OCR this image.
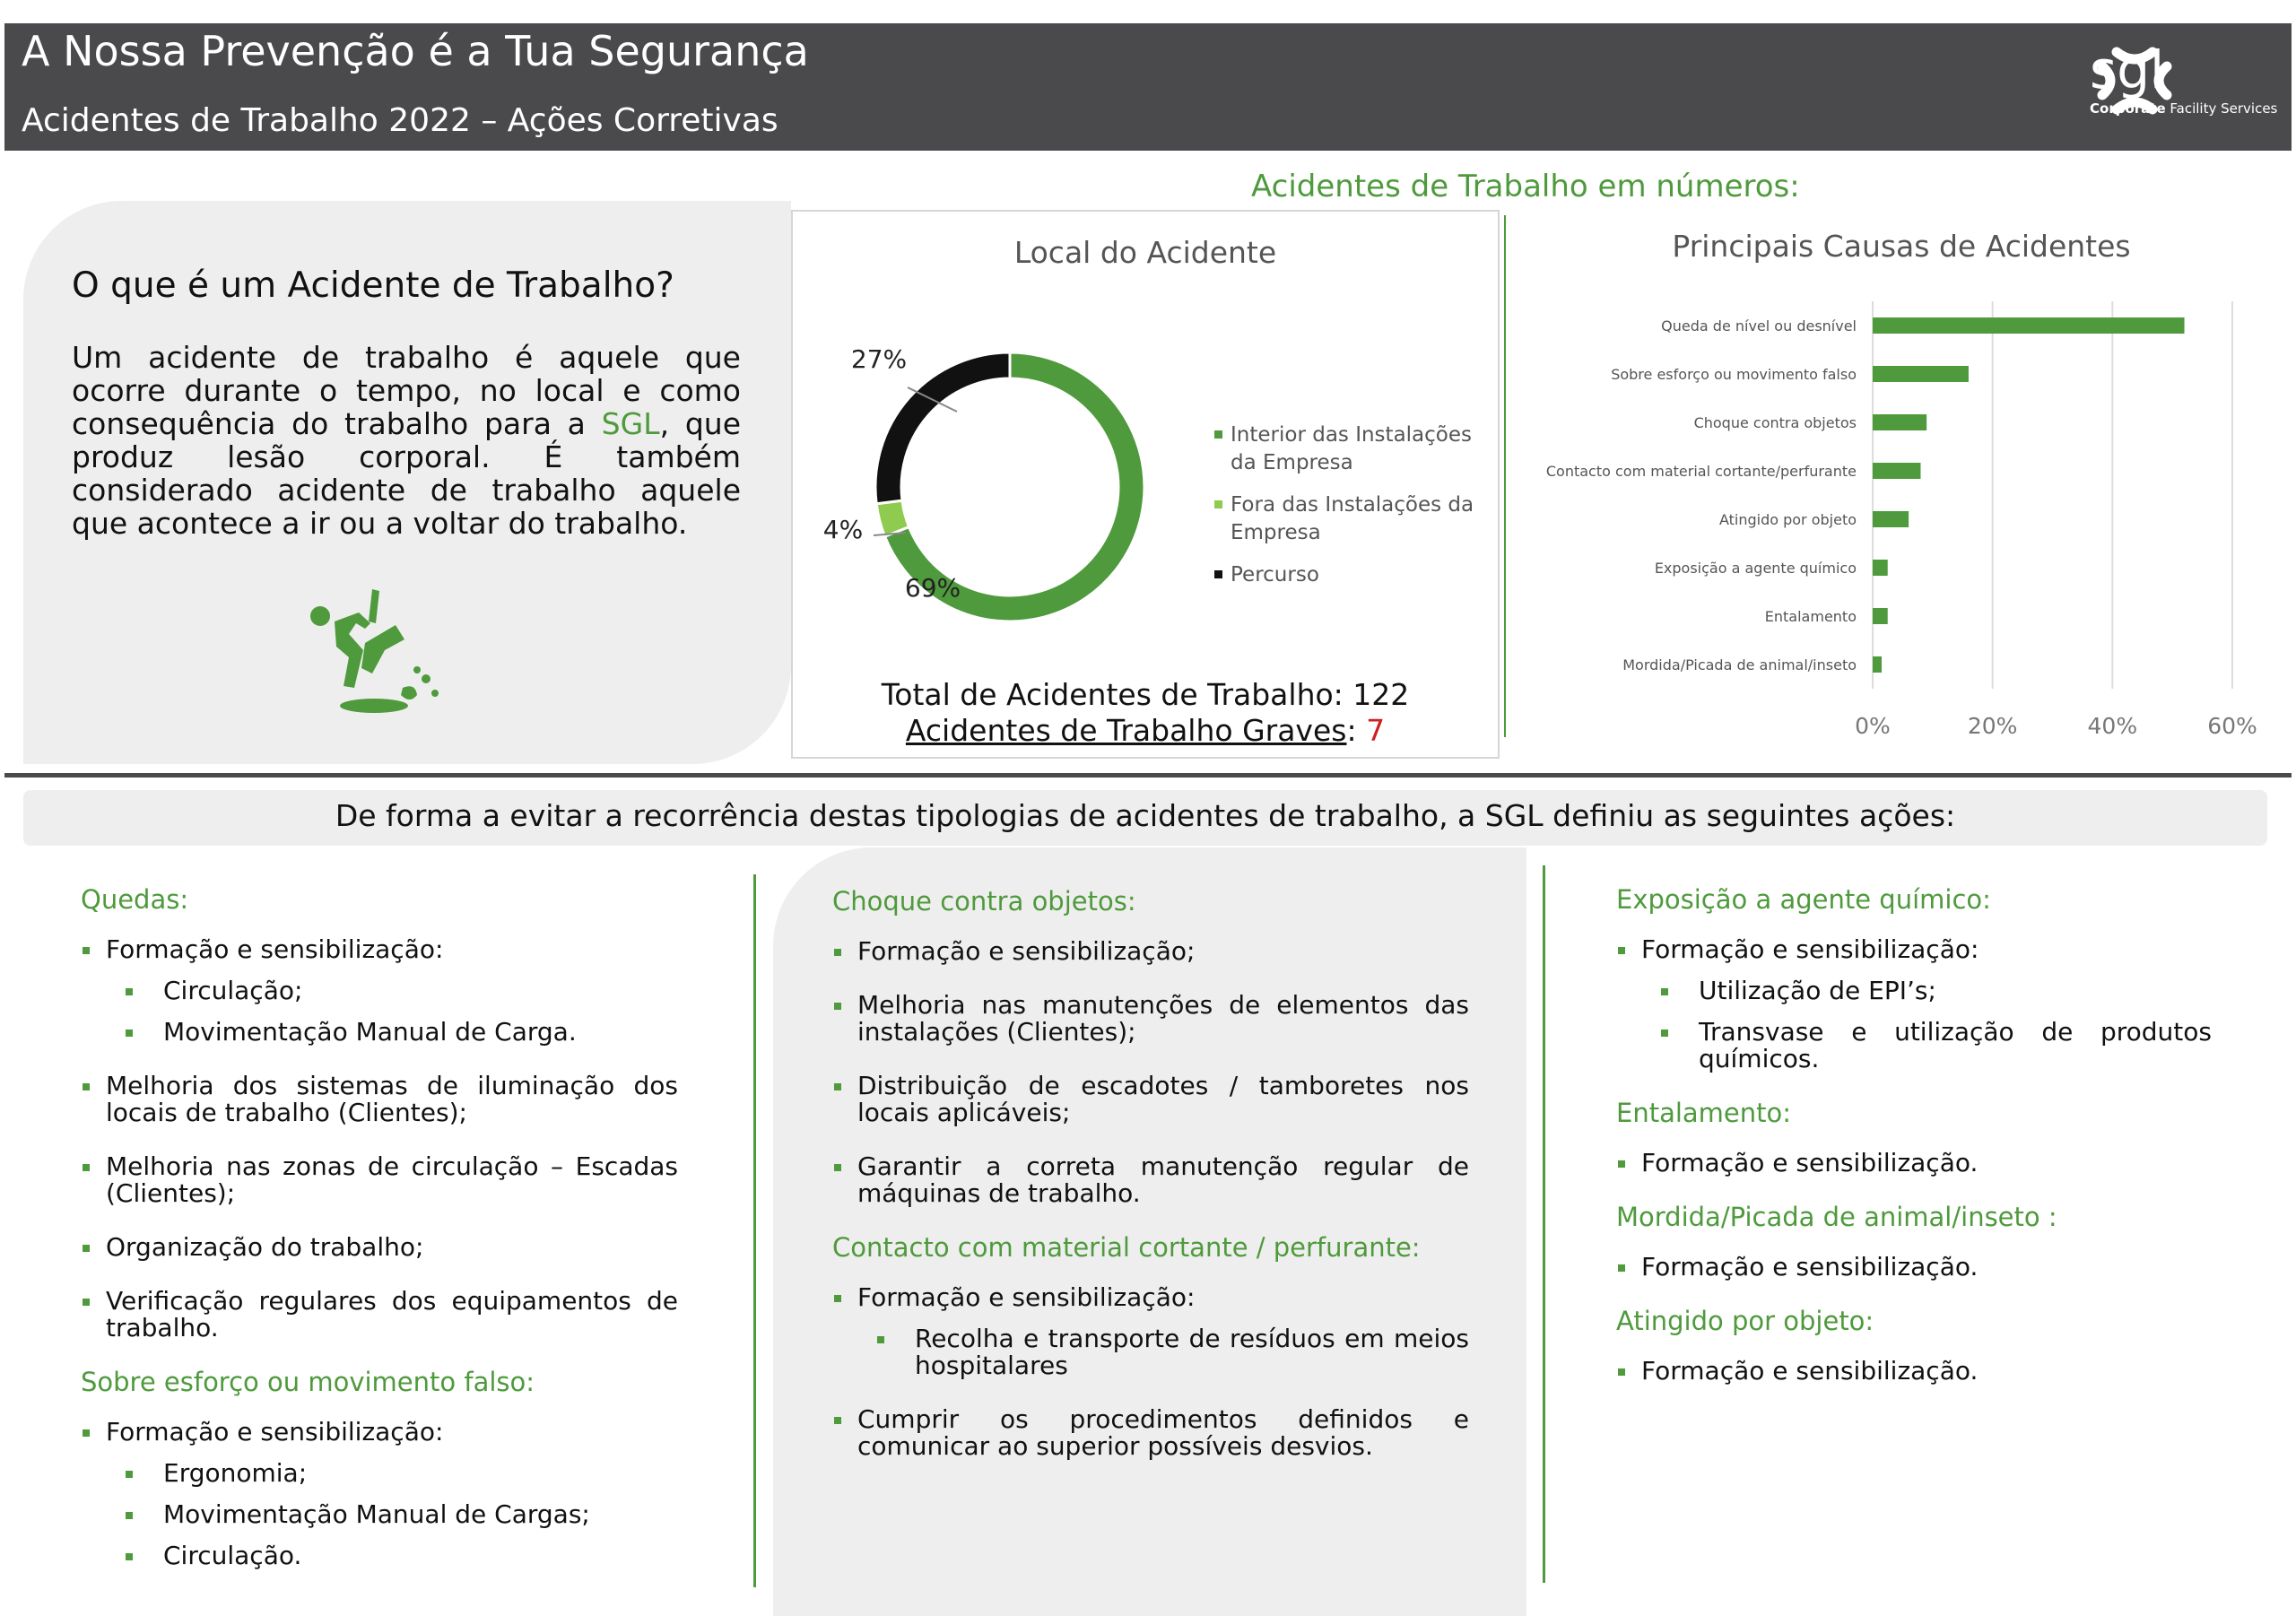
A Nossa Prevenção é a Tua Segurança
Acidentes de Trabalho 2022 – Ações Corretivas
sgl
Corporate Facility Services
Acidentes de Trabalho em números:
O que é um Acidente de Trabalho?
Um acidente de trabalho é aquele que ocorre durante o tempo, no local e como consequência do trabalho para a SGL, que produz lesão corporal. É também considerado acidente de trabalho aquele que acontece a ir ou a voltar do trabalho.
Local do Acidente
69%
4%
27%
Interior das Instalações da Empresa
Fora das Instalações da Empresa
Percurso
Total de Acidentes de Trabalho: 122
Acidentes de Trabalho Graves: 7
Principais Causas de Acidentes
0%	20%	40%	60%
Queda de nível ou desnível
Sobre esforço ou movimento falso
Choque contra objetos
Contacto com material cortante/perfurante
Atingido por objeto
Exposição a agente químico
Entalamento
Mordida/Picada de animal/inseto
De forma a evitar a recorrência destas tipologias de acidentes de trabalho, a SGL definiu as seguintes ações:
Quedas:
Formação e sensibilização:
Circulação;
Movimentação Manual de Carga.
Melhoria dos sistemas de iluminação dos locais de trabalho (Clientes);
Melhoria nas zonas de circulação – Escadas (Clientes);
Organização do trabalho;
Verificação regulares dos equipamentos de trabalho.
Sobre esforço ou movimento falso:
Formação e sensibilização:
Ergonomia;
Movimentação Manual de Cargas;
Circulação.
Choque contra objetos:
Formação e sensibilização;
Melhoria nas manutenções de elementos das instalações (Clientes);
Distribuição de escadotes / tamboretes nos locais aplicáveis;
Garantir a correta manutenção regular de máquinas de trabalho.
Contacto com material cortante / perfurante:
Formação e sensibilização:
Recolha e transporte de resíduos em meios hospitalares
Cumprir os procedimentos definidos e comunicar ao superior possíveis desvios.
Exposição a agente químico:
Formação e sensibilização:
Utilização de EPI’s;
Transvase e utilização de produtos químicos.
Entalamento:
Formação e sensibilização.
Mordida/Picada de animal/inseto :
Formação e sensibilização.
Atingido por objeto:
Formação e sensibilização.
